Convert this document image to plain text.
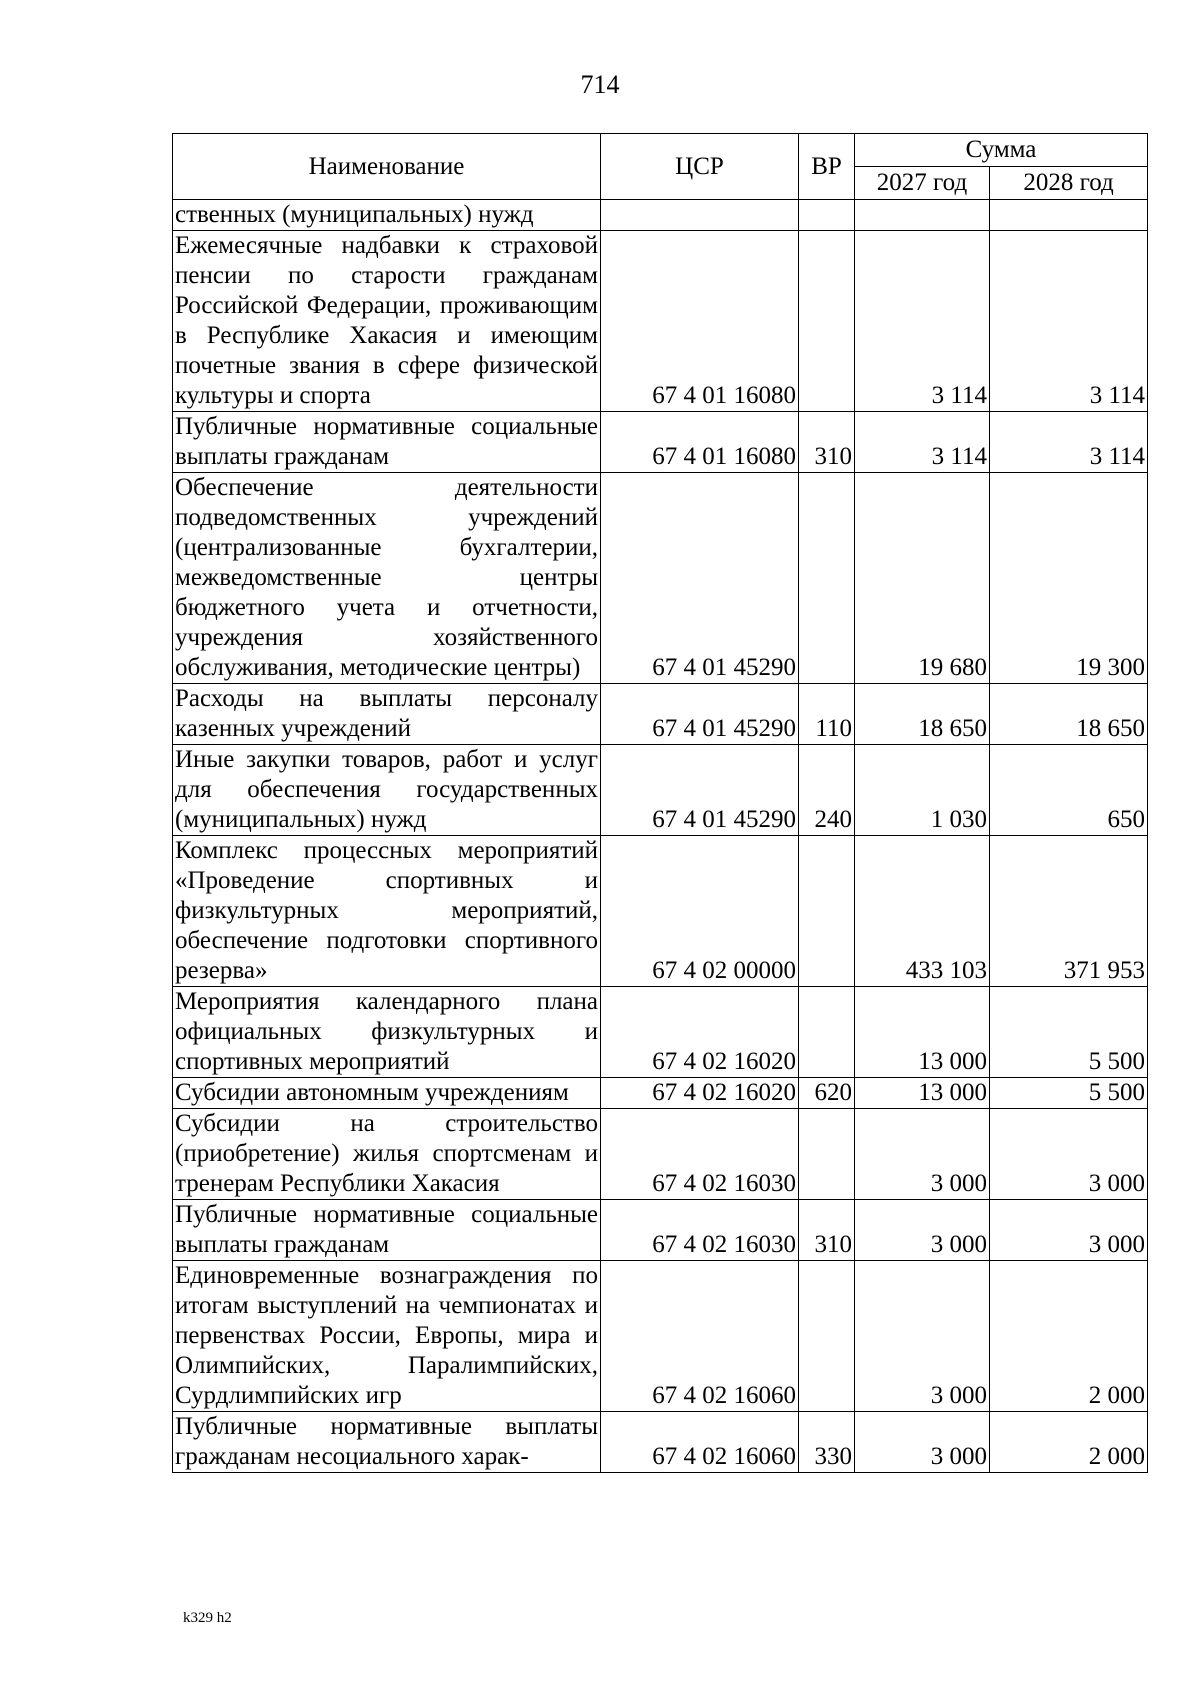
714
Наименование	ЦСР	ВР	Сумма	
			2027 год	2028 год
ственных (муниципальных) нужд				
Ежемесячные надбавки к страховой пенсии по старости гражданам Российской Федерации, проживающим в Республике Хакасия и имеющим почетные звания в сфере физической культуры и спорта	67 4 01 16080		3 114	3 114
Публичные нормативные социальные выплаты гражданам	67 4 01 16080	310	3 114	3 114
Обеспечение деятельности подведомственных учреждений (централизованные бухгалтерии, межведомственные центры бюджетного учета и отчетности, учреждения хозяйственного обслуживания, методические центры)	67 4 01 45290		19 680	19 300
Расходы на выплаты персоналу казенных учреждений	67 4 01 45290	110	18 650	18 650
Иные закупки товаров, работ и услуг для обеспечения государственных (муниципальных) нужд	67 4 01 45290	240	1 030	650
Комплекс процессных мероприятий «Проведение спортивных и физкультурных мероприятий, обеспечение подготовки спортивного резерва»	67 4 02 00000		433 103	371 953
Мероприятия календарного плана официальных физкультурных и спортивных мероприятий	67 4 02 16020		13 000	5 500
Субсидии автономным учреждениям	67 4 02 16020	620	13 000	5 500
Субсидии на строительство (приобретение) жилья спортсменам и тренерам Республики Хакасия	67 4 02 16030		3 000	3 000
Публичные нормативные социальные выплаты гражданам	67 4 02 16030	310	3 000	3 000
Единовременные вознаграждения по итогам выступлений на чемпионатах и первенствах России, Европы, мира и Олимпийских, Паралимпийских, Сурдлимпийских игр	67 4 02 16060		3 000	2 000
Публичные нормативные выплаты гражданам несоциального харак-	67 4 02 16060	330	3 000	2 000
k329 h2
